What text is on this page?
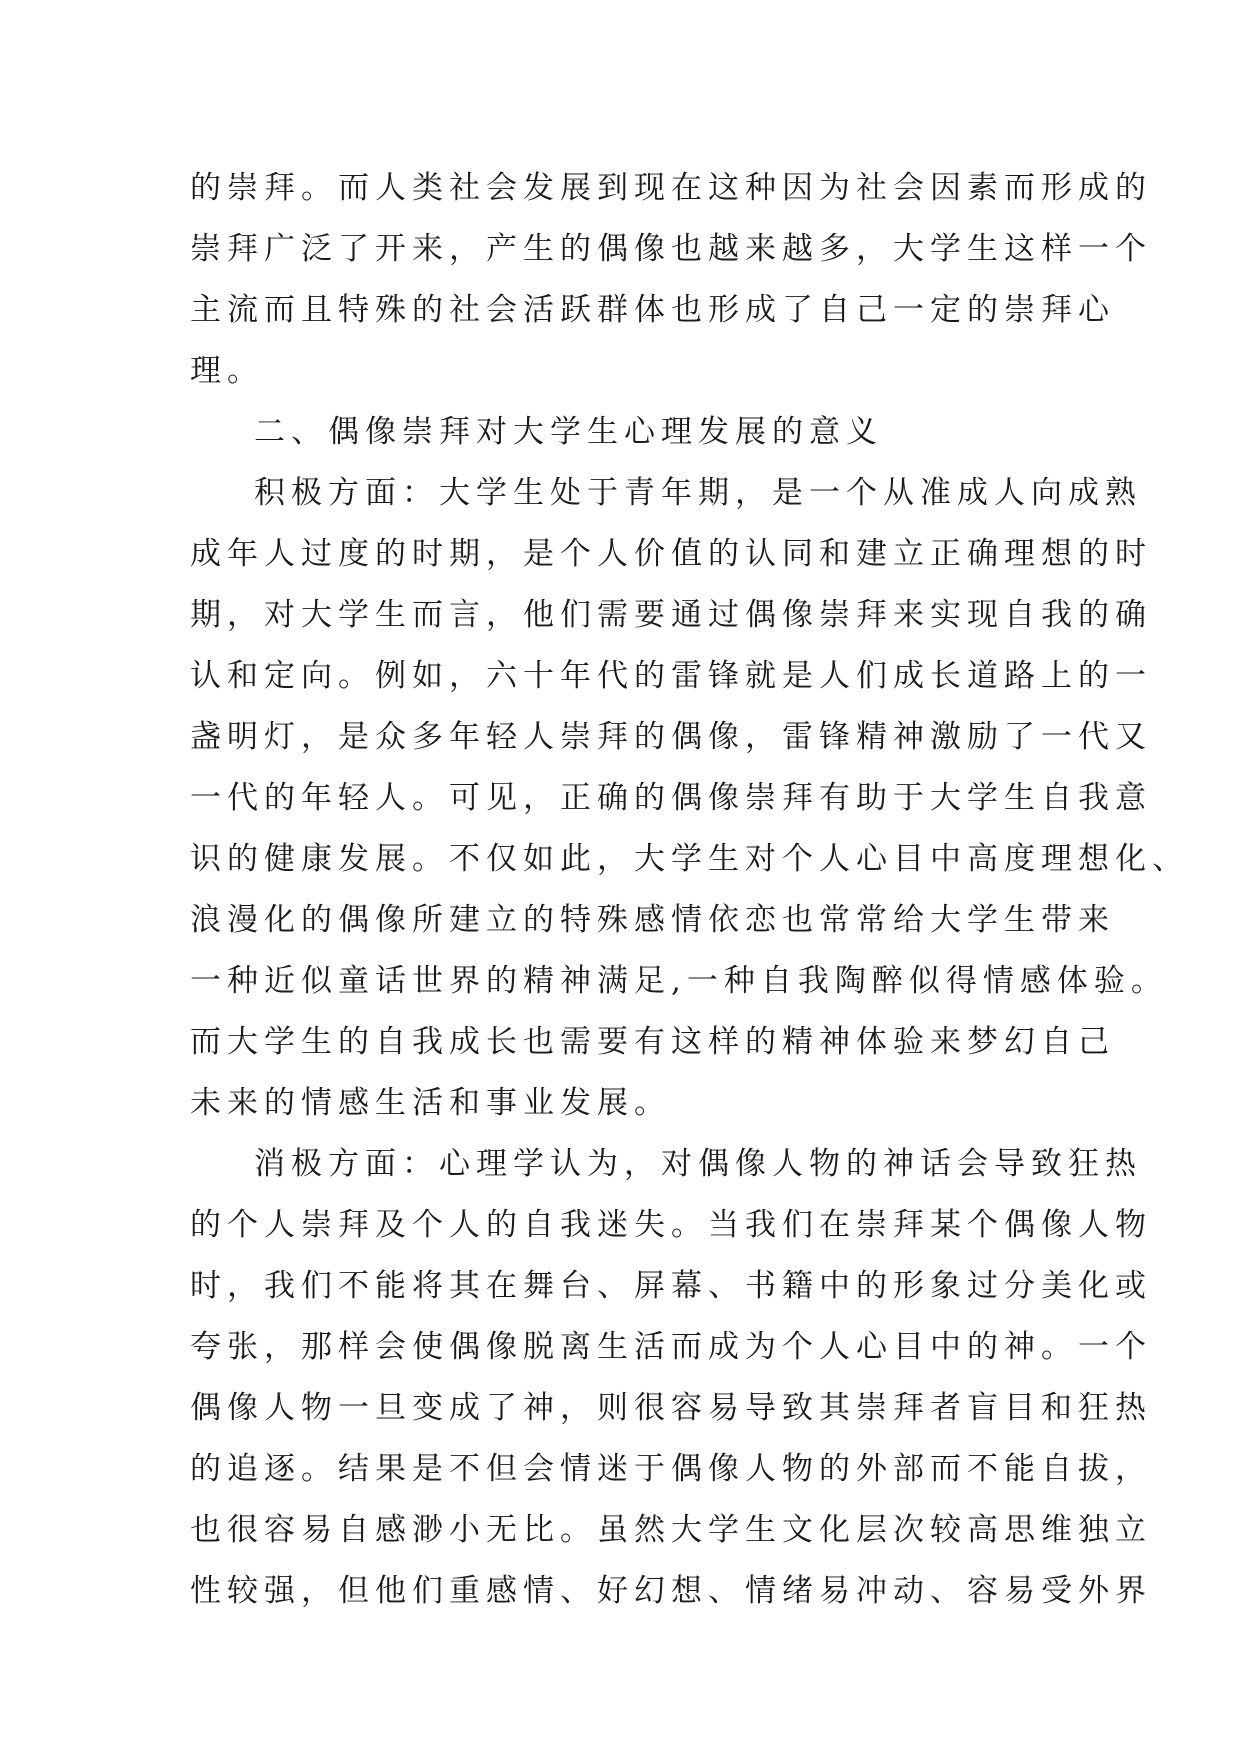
的崇拜。而人类社会发展到现在这种因为社会因素而形成的
崇拜广泛了开来，产生的偶像也越来越多，大学生这样一个
主流而且特殊的社会活跃群体也形成了自己一定的崇拜心
理。
二、偶像崇拜对大学生心理发展的意义
积极方面：大学生处于青年期，是一个从准成人向成熟
成年人过度的时期，是个人价值的认同和建立正确理想的时
期，对大学生而言，他们需要通过偶像崇拜来实现自我的确
认和定向。例如，六十年代的雷锋就是人们成长道路上的一
盏明灯，是众多年轻人崇拜的偶像，雷锋精神激励了一代又
一代的年轻人。可见，正确的偶像崇拜有助于大学生自我意
识的健康发展。不仅如此，大学生对个人心目中高度理想化、
浪漫化的偶像所建立的特殊感情依恋也常常给大学生带来
一种近似童话世界的精神满足,一种自我陶醉似得情感体验。
而大学生的自我成长也需要有这样的精神体验来梦幻自己
未来的情感生活和事业发展。
消极方面：心理学认为，对偶像人物的神话会导致狂热
的个人崇拜及个人的自我迷失。当我们在崇拜某个偶像人物
时，我们不能将其在舞台、屏幕、书籍中的形象过分美化或
夸张，那样会使偶像脱离生活而成为个人心目中的神。一个
偶像人物一旦变成了神，则很容易导致其崇拜者盲目和狂热
的追逐。结果是不但会情迷于偶像人物的外部而不能自拔，
也很容易自感渺小无比。虽然大学生文化层次较高思维独立
性较强，但他们重感情、好幻想、情绪易冲动、容易受外界
